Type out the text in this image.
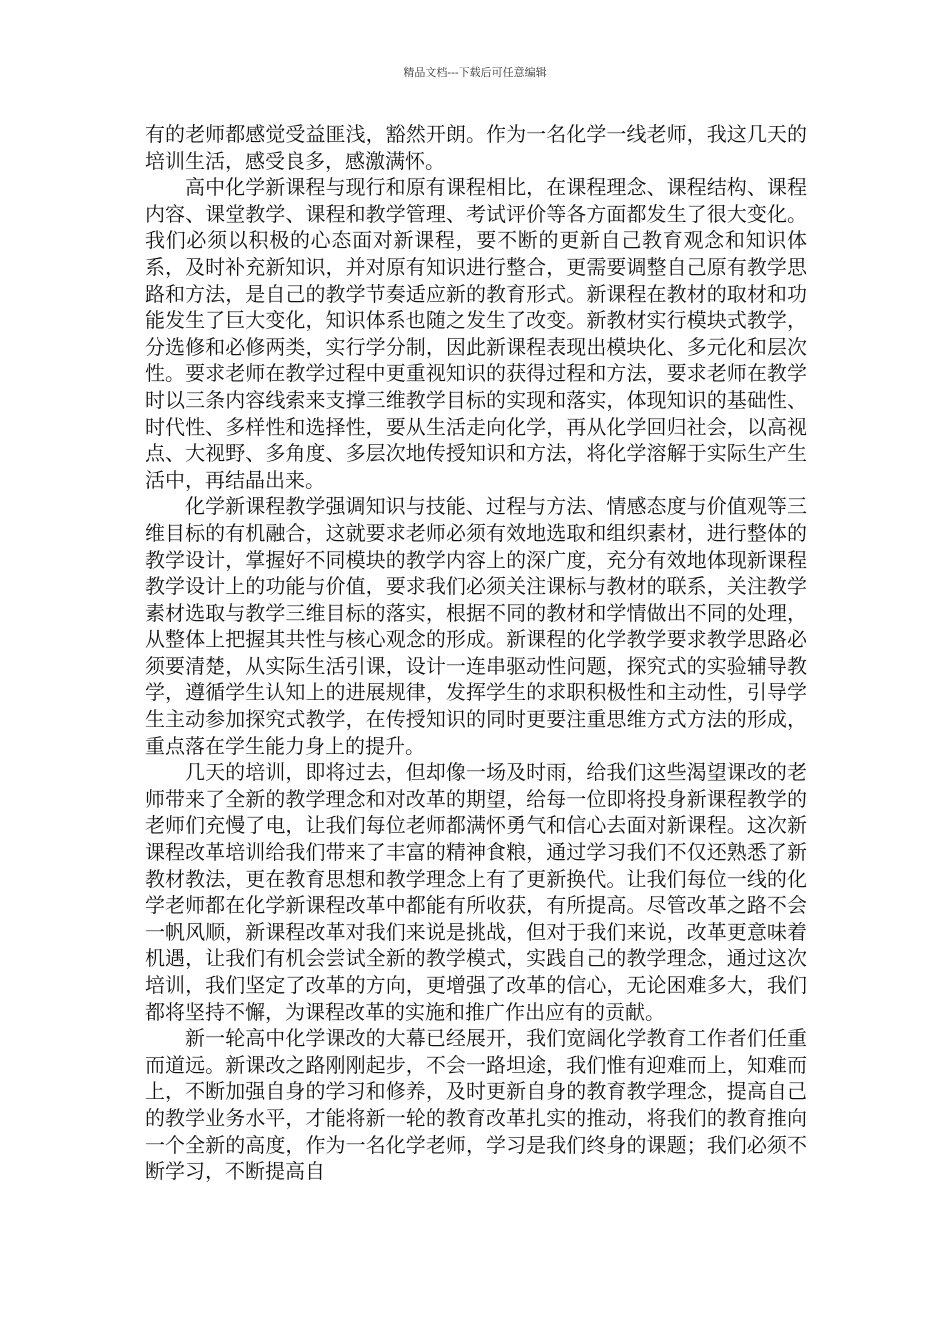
精品文档---下载后可任意编辑

有的老师都感觉受益匪浅，豁然开朗。作为一名化学一线老师，我这几天的培训生活，感受良多，感激满怀。

高中化学新课程与现行和原有课程相比，在课程理念、课程结构、课程内容、课堂教学、课程和教学管理、考试评价等各方面都发生了很大变化。我们必须以积极的心态面对新课程，要不断的更新自己教育观念和知识体系，及时补充新知识，并对原有知识进行整合，更需要调整自己原有教学思路和方法，是自己的教学节奏适应新的教育形式。新课程在教材的取材和功能发生了巨大变化，知识体系也随之发生了改变。新教材实行模块式教学，分选修和必修两类，实行学分制，因此新课程表现出模块化、多元化和层次性。要求老师在教学过程中更重视知识的获得过程和方法，要求老师在教学时以三条内容线索来支撑三维教学目标的实现和落实，体现知识的基础性、时代性、多样性和选择性，要从生活走向化学，再从化学回归社会，以高视点、大视野、多角度、多层次地传授知识和方法，将化学溶解于实际生产生活中，再结晶出来。

化学新课程教学强调知识与技能、过程与方法、情感态度与价值观等三维目标的有机融合，这就要求老师必须有效地选取和组织素材，进行整体的教学设计，掌握好不同模块的教学内容上的深广度，充分有效地体现新课程教学设计上的功能与价值，要求我们必须关注课标与教材的联系，关注教学素材选取与教学三维目标的落实，根据不同的教材和学情做出不同的处理，从整体上把握其共性与核心观念的形成。新课程的化学教学要求教学思路必须要清楚，从实际生活引课，设计一连串驱动性问题，探究式的实验辅导教学，遵循学生认知上的进展规律，发挥学生的求职积极性和主动性，引导学生主动参加探究式教学，在传授知识的同时更要注重思维方式方法的形成，重点落在学生能力身上的提升。

几天的培训，即将过去，但却像一场及时雨，给我们这些渴望课改的老师带来了全新的教学理念和对改革的期望，给每一位即将投身新课程教学的老师们充慢了电，让我们每位老师都满怀勇气和信心去面对新课程。这次新课程改革培训给我们带来了丰富的精神食粮，通过学习我们不仅还熟悉了新教材教法，更在教育思想和教学理念上有了更新换代。让我们每位一线的化学老师都在化学新课程改革中都能有所收获，有所提高。尽管改革之路不会一帆风顺，新课程改革对我们来说是挑战，但对于我们来说，改革更意味着机遇，让我们有机会尝试全新的教学模式，实践自己的教学理念，通过这次培训，我们坚定了改革的方向，更增强了改革的信心，无论困难多大，我们都将坚持不懈，为课程改革的实施和推广作出应有的贡献。

新一轮高中化学课改的大幕已经展开，我们宽阔化学教育工作者们任重而道远。新课改之路刚刚起步，不会一路坦途，我们惟有迎难而上，知难而上，不断加强自身的学习和修养，及时更新自身的教育教学理念，提高自己的教学业务水平，才能将新一轮的教育改革扎实的推动，将我们的教育推向一个全新的高度，作为一名化学老师，学习是我们终身的课题；我们必须不断学习，不断提高自
